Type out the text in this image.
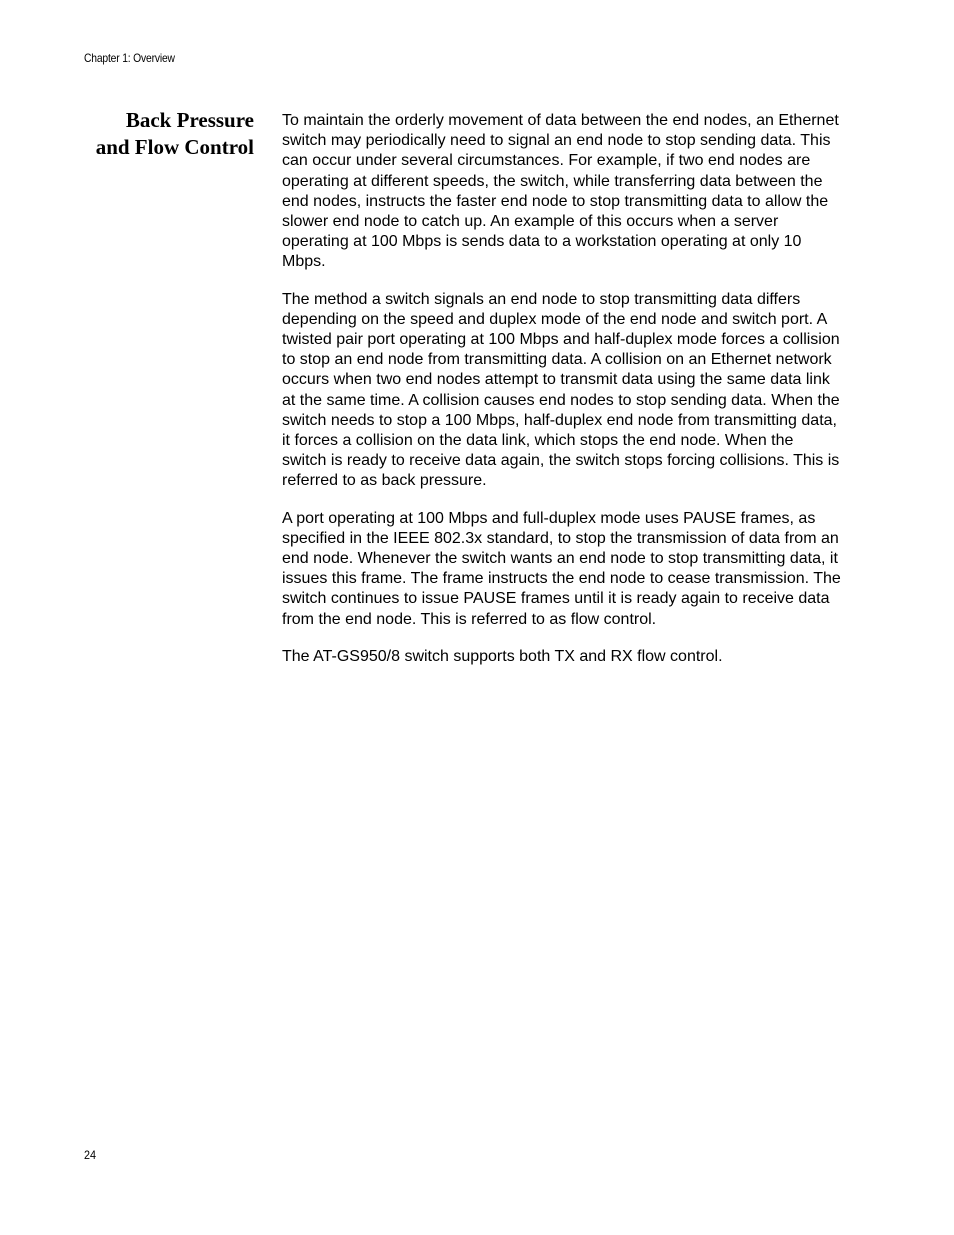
Chapter 1: Overview
Back Pressure
and Flow Control

To maintain the orderly movement of data between the end nodes, an Ethernet switch may periodically need to signal an end node to stop sending data. This can occur under several circumstances. For example, if two end nodes are operating at different speeds, the switch, while transferring data between the end nodes, instructs the faster end node to stop transmitting data to allow the slower end node to catch up. An example of this occurs when a server operating at 100 Mbps is sends data to a workstation operating at only 10 Mbps.

The method a switch signals an end node to stop transmitting data differs depending on the speed and duplex mode of the end node and switch port. A twisted pair port operating at 100 Mbps and half-duplex mode forces a collision to stop an end node from transmitting data. A collision on an Ethernet network occurs when two end nodes attempt to transmit data using the same data link at the same time. A collision causes end nodes to stop sending data. When the switch needs to stop a 100 Mbps, half-duplex end node from transmitting data, it forces a collision on the data link, which stops the end node. When the switch is ready to receive data again, the switch stops forcing collisions. This is referred to as back pressure.

A port operating at 100 Mbps and full-duplex mode uses PAUSE frames, as specified in the IEEE 802.3x standard, to stop the transmission of data from an end node. Whenever the switch wants an end node to stop transmitting data, it issues this frame. The frame instructs the end node to cease transmission. The switch continues to issue PAUSE frames until it is ready again to receive data from the end node. This is referred to as flow control.

The AT-GS950/8 switch supports both TX and RX flow control.

24
